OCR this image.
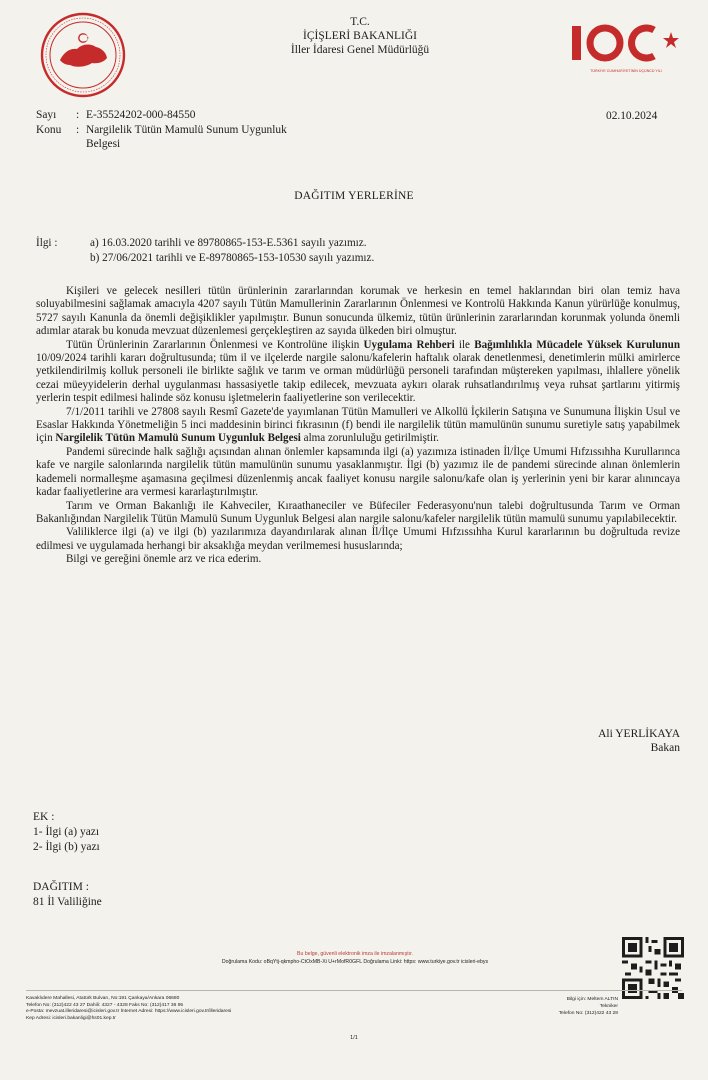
TÜRKİYE CUMHURİYETİNİN ÜÇÜNCÜ YILI
T.C.
İÇİŞLERİ BAKANLIĞI
İller İdaresi Genel Müdürlüğü
Sayı	: E-35524202-000-84550
Konu	: Nargilelik Tütün Mamulü Sunum Uygunluk
Belgesi
02.10.2024
DAĞITIM YERLERİNE
İlgi :	a) 16.03.2020 tarihli ve 89780865-153-E.5361 sayılı yazımız.
b) 27/06/2021 tarihli ve E-89780865-153-10530 sayılı yazımız.

Kişileri ve gelecek nesilleri tütün ürünlerinin zararlarından korumak ve herkesin en temel haklarından biri olan temiz hava soluyabilmesini sağlamak amacıyla 4207 sayılı Tütün Mamullerinin Zararlarının Önlenmesi ve Kontrolü Hakkında Kanun yürürlüğe konulmuş, 5727 sayılı Kanunla da önemli değişiklikler yapılmıştır. Bunun sonucunda ülkemiz, tütün ürünlerinin zararlarından korunmak yolunda önemli adımlar atarak bu konuda mevzuat düzenlemesi gerçekleştiren az sayıda ülkeden biri olmuştur.

Tütün Ürünlerinin Zararlarının Önlenmesi ve Kontrolüne ilişkin Uygulama Rehberi ile Bağımlılıkla Mücadele Yüksek Kurulunun 10/09/2024 tarihli kararı doğrultusunda; tüm il ve ilçelerde nargile salonu/kafelerin haftalık olarak denetlenmesi, denetimlerin mülki amirlerce yetkilendirilmiş kolluk personeli ile birlikte sağlık ve tarım ve orman müdürlüğü personeli tarafından müştereken yapılması, ihlallere yönelik cezai müeyyidelerin derhal uygulanması hassasiyetle takip edilecek, mevzuata aykırı olarak ruhsatlandırılmış veya ruhsat şartlarını yitirmiş yerlerin tespit edilmesi halinde söz konusu işletmelerin faaliyetlerine son verilecektir.

7/1/2011 tarihli ve 27808 sayılı Resmî Gazete'de yayımlanan Tütün Mamulleri ve Alkollü İçkilerin Satışına ve Sunumuna İlişkin Usul ve Esaslar Hakkında Yönetmeliğin 5 inci maddesinin birinci fıkrasının (f) bendi ile nargilelik tütün mamulünün sunumu suretiyle satış yapabilmek için Nargilelik Tütün Mamulü Sunum Uygunluk Belgesi alma zorunluluğu getirilmiştir.

Pandemi sürecinde halk sağlığı açısından alınan önlemler kapsamında ilgi (a) yazımıza istinaden İl/İlçe Umumi Hıfzıssıhha Kurullarınca kafe ve nargile salonlarında nargilelik tütün mamulünün sunumu yasaklanmıştır. İlgi (b) yazımız ile de pandemi sürecinde alınan önlemlerin kademeli normalleşme aşamasına geçilmesi düzenlenmiş ancak faaliyet konusu nargile salonu/kafe olan iş yerlerinin yeni bir karar alınıncaya kadar faaliyetlerine ara vermesi kararlaştırılmıştır.

Tarım ve Orman Bakanlığı ile Kahveciler, Kıraathaneciler ve Büfeciler Federasyonu'nun talebi doğrultusunda Tarım ve Orman Bakanlığından Nargilelik Tütün Mamulü Sunum Uygunluk Belgesi alan nargile salonu/kafeler nargilelik tütün mamulü sunumu yapılabilecektir.

Valiliklerce ilgi (a) ve ilgi (b) yazılarımıza dayandırılarak alınan İl/İlçe Umumi Hıfzıssıhha Kurul kararlarının bu doğrultuda revize edilmesi ve uygulamada herhangi bir aksaklığa meydan verilmemesi hususlarında;

Bilgi ve gereğini önemle arz ve rica ederim.

Ali YERLİKAYA
Bakan
EK :
1- İlgi (a) yazı
2- İlgi (b) yazı
DAĞITIM :
81 İl Valiliğine
Bu belge, güvenli elektronik imza ile imzalanmıştır.
Doğrulama Kodu: oBqYtj-qkmpho-CtOxMB-Xi U+rMofR0GFL Doğrulama Linki: https: www.turkiye.gov.tr icisleri-ebys
Kavaklıdere Mahallesi, Atatürk Bulvarı, No:191 Çankaya/Ankara 06680
Telefon No: (312)422 43 27 Dahili: 4327 - 4328 Faks No: (312)417 36 95
e-Posta: mevzuat.illeridaresi@icisleri.gov.tr İnternet Adresi: https://www.icisleri.gov.tr/illeridaresi
Kep Adresi: icisleri.bakanligi@hs01.kep.tr
Bilgi için: Meltem ALTIN
Tekniker
Telefon No: (312)422 43 28
1/1
